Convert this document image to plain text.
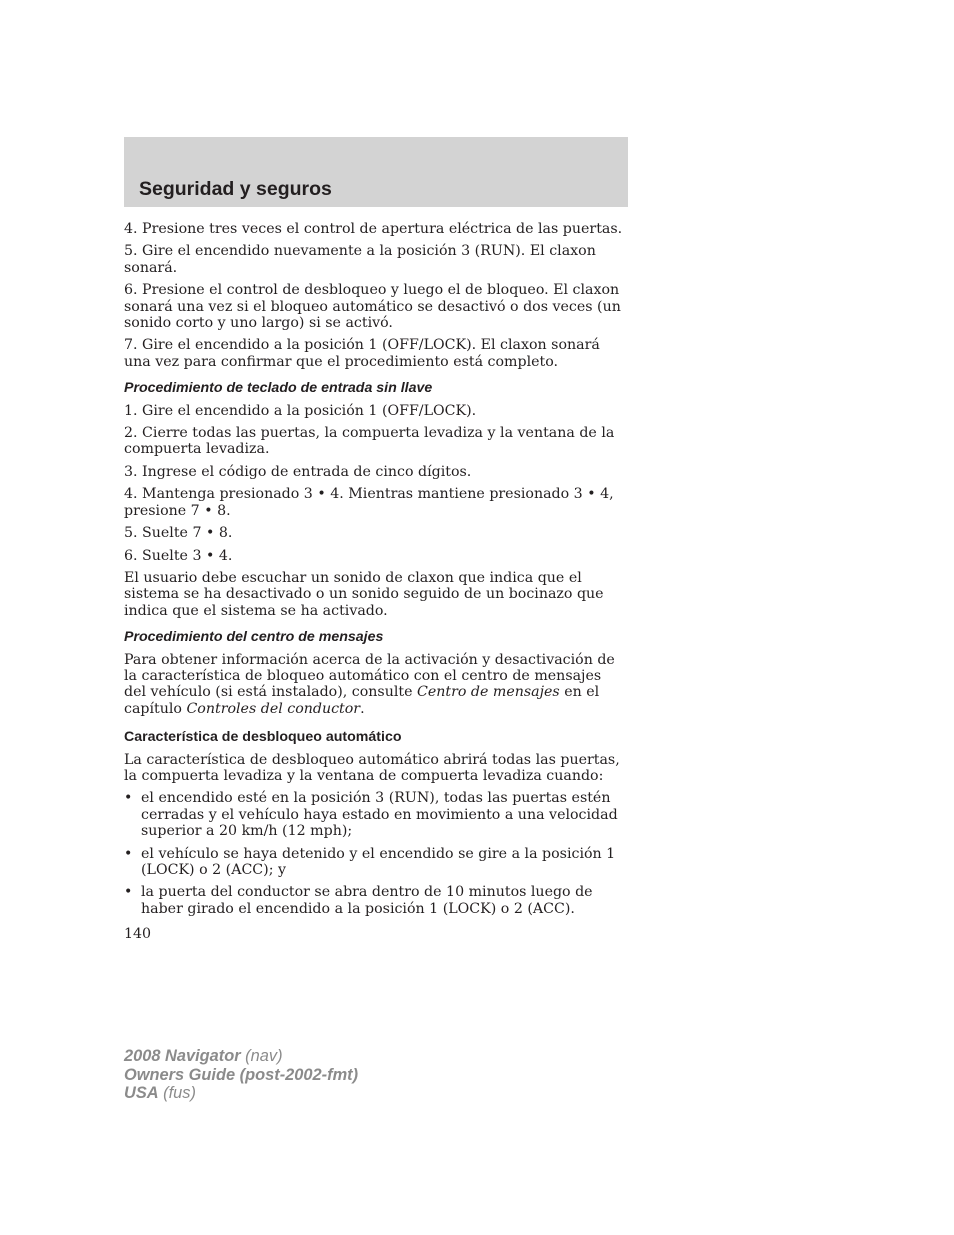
Seguridad y seguros

4. Presione tres veces el control de apertura eléctrica de las puertas.

5. Gire el encendido nuevamente a la posición 3 (RUN). El claxon sonará.

6. Presione el control de desbloqueo y luego el de bloqueo. El claxon sonará una vez si el bloqueo automático se desactivó o dos veces (un sonido corto y uno largo) si se activó.

7. Gire el encendido a la posición 1 (OFF/LOCK). El claxon sonará una vez para confirmar que el procedimiento está completo.

Procedimiento de teclado de entrada sin llave

1. Gire el encendido a la posición 1 (OFF/LOCK).

2. Cierre todas las puertas, la compuerta levadiza y la ventana de la compuerta levadiza.

3. Ingrese el código de entrada de cinco dígitos.

4. Mantenga presionado 3 • 4. Mientras mantiene presionado 3 • 4, presione 7 • 8.

5. Suelte 7 • 8.

6. Suelte 3 • 4.

El usuario debe escuchar un sonido de claxon que indica que el sistema se ha desactivado o un sonido seguido de un bocinazo que indica que el sistema se ha activado.

Procedimiento del centro de mensajes

Para obtener información acerca de la activación y desactivación de la característica de bloqueo automático con el centro de mensajes del vehículo (si está instalado), consulte Centro de mensajes en el capítulo Controles del conductor.

Característica de desbloqueo automático

La característica de desbloqueo automático abrirá todas las puertas, la compuerta levadiza y la ventana de compuerta levadiza cuando:

• el encendido esté en la posición 3 (RUN), todas las puertas estén cerradas y el vehículo haya estado en movimiento a una velocidad superior a 20 km/h (12 mph);
• el vehículo se haya detenido y el encendido se gire a la posición 1 (LOCK) o 2 (ACC); y
• la puerta del conductor se abra dentro de 10 minutos luego de haber girado el encendido a la posición 1 (LOCK) o 2 (ACC).
140
2008 Navigator (nav)
Owners Guide (post-2002-fmt)
USA (fus)
